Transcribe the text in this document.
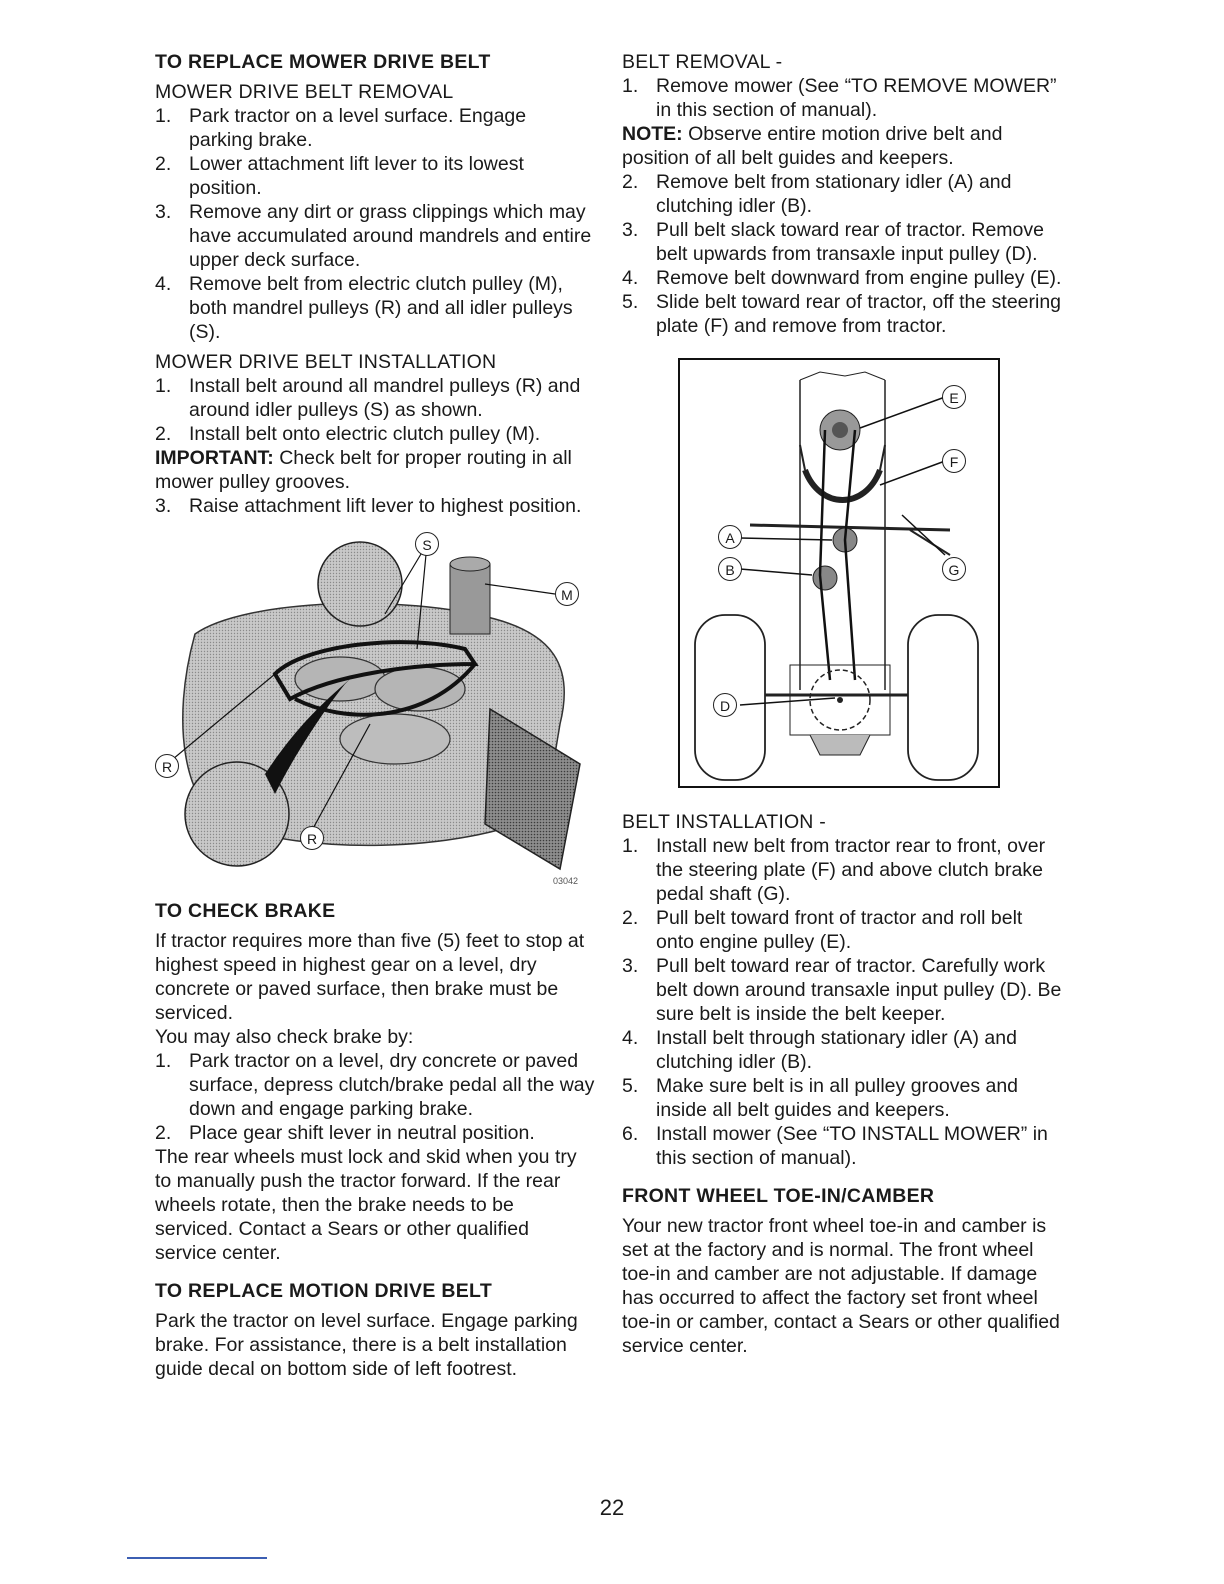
TO REPLACE MOWER DRIVE BELT

MOWER DRIVE BELT REMOVAL

1. Park tractor on a level surface. Engage parking brake.
2. Lower attachment lift lever to its lowest position.
3. Remove any dirt or grass clippings which may have accumulated around mandrels and entire upper deck surface.
4. Remove belt from electric clutch pulley (M), both mandrel pulleys (R) and all idler pulleys (S).

MOWER DRIVE BELT INSTALLATION

1. Install belt around all mandrel pulleys (R) and around idler pulleys (S) as shown.
2. Install belt onto electric clutch pulley (M).

IMPORTANT: Check belt for proper routing in all mower pulley grooves.

3. Raise attachment lift lever to highest position.
S
M
R
R
03042
TO CHECK BRAKE

If tractor requires more than five (5) feet to stop at highest speed in highest gear on a level, dry concrete or paved surface, then brake must be serviced.

You may also check brake by:

1. Park tractor on a level, dry concrete or paved surface, depress clutch/brake pedal all the way down and engage parking brake.
2. Place gear shift lever in neutral position.

The rear wheels must lock and skid when you try to manually push the tractor forward. If the rear wheels rotate, then the brake needs to be serviced. Contact a Sears or other qualified service center.

TO REPLACE MOTION DRIVE BELT

Park the tractor on level surface. Engage parking brake. For assistance, there is a belt installation guide decal on bottom side of left footrest.

BELT REMOVAL -

1. Remove mower (See “TO REMOVE MOWER” in this section of manual).

NOTE: Observe entire motion drive belt and position of all belt guides and keepers.

2. Remove belt from stationary idler (A) and clutching idler (B).
3. Pull belt slack toward rear of tractor. Remove belt upwards from transaxle input pulley (D).
4. Remove belt downward from engine pulley (E).
5. Slide belt toward rear of tractor, off the steering plate (F) and remove from tractor.
E
F
A
B	G
D

BELT INSTALLATION -

1. Install new belt from tractor rear to front, over the steering plate (F) and above clutch brake pedal shaft (G).
2. Pull belt toward front of tractor and roll belt onto engine pulley (E).
3. Pull belt toward rear of tractor. Carefully work belt down around transaxle input pulley (D). Be sure belt is inside the belt keeper.
4. Install belt through stationary idler (A) and clutching idler (B).
5. Make sure belt is in all pulley grooves and inside all belt guides and keepers.
6. Install mower (See “TO INSTALL MOWER” in this section of manual).
FRONT WHEEL TOE-IN/CAMBER

Your new tractor front wheel toe-in and camber is set at the factory and is normal. The front wheel toe-in and camber are not adjustable. If damage has occurred to affect the factory set front wheel toe-in or camber, contact a Sears or other qualified service center.

22
